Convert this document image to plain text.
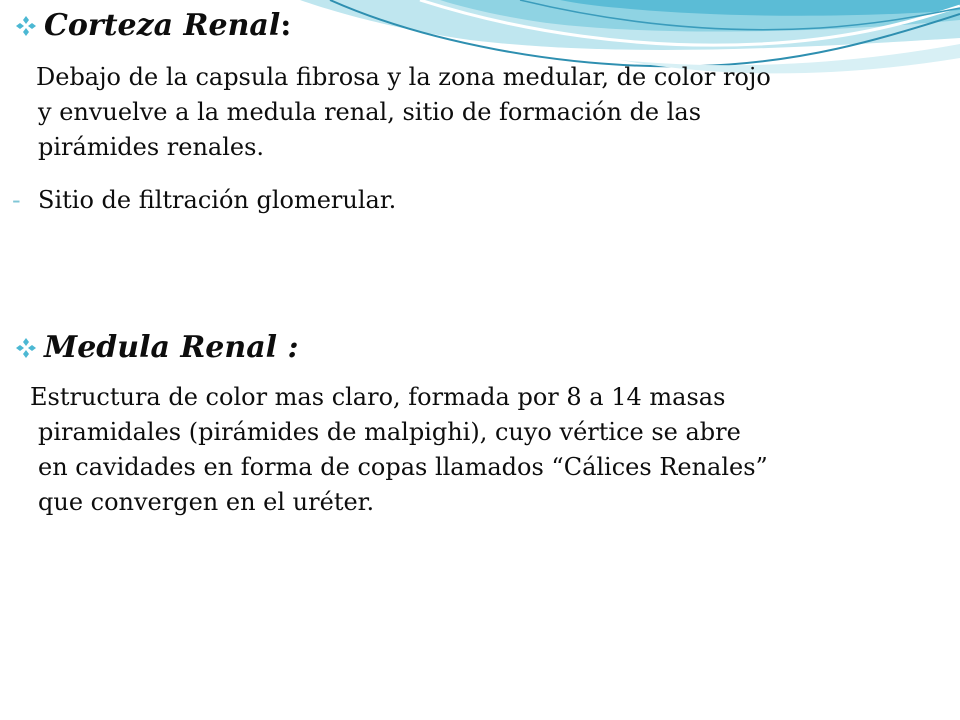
Corteza Renal:
Debajo de la capsula fibrosa y la zona medular, de color rojo
y envuelve a la medula renal, sitio de formación de las
pirámides renales.
- Sitio de filtración glomerular.
Medula Renal :
Estructura de color mas claro, formada por 8 a 14 masas
piramidales (pirámides de malpighi), cuyo vértice se abre
en cavidades en forma de copas llamados “Cálices Renales”
que convergen en el uréter.
